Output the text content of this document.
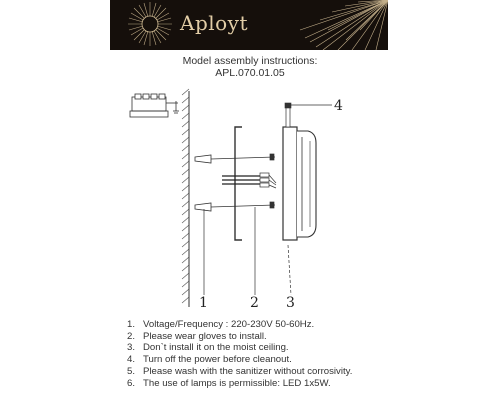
Aployt
Model assembly instructions:
APL.070.01.05
1	2 3
4
1. Voltage/Frequency : 220-230V 50-60Hz.
2. Please wear gloves to install.
3. Don`t install it on the moist ceiling.
4. Turn off the power before cleanout.
5. Please wash with the sanitizer without corrosivity.
6. The use of lamps is permissible: LED 1x5W.
